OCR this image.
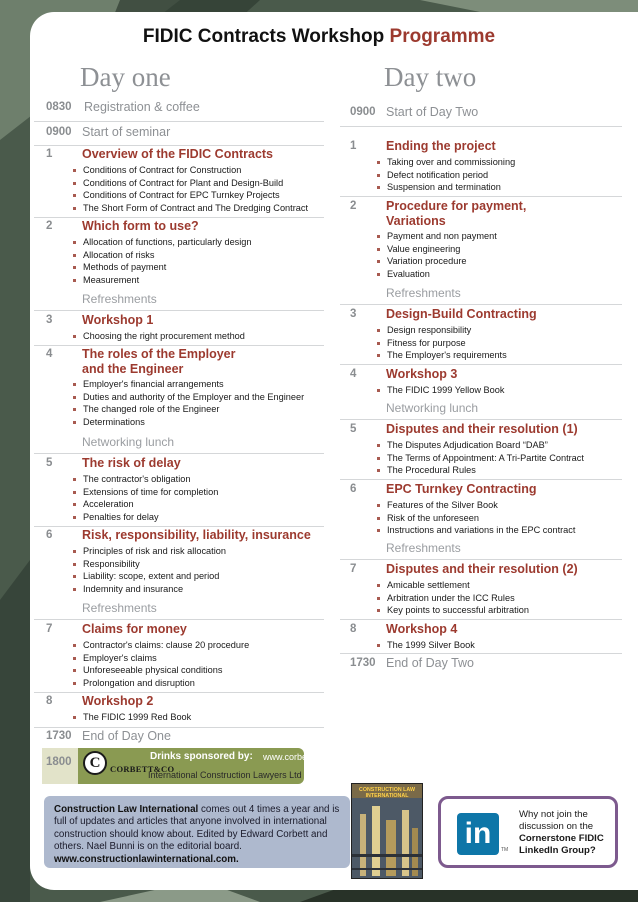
FIDIC Contracts Workshop Programme
Day one	Day two
0830 Registration & coffee
0900 Start of seminar
1 Overview of the FIDIC Contracts
Conditions of Contract for Construction
Conditions of Contract for Plant and Design-Build
Conditions of Contract for EPC Turnkey Projects
The Short Form of Contract and The Dredging Contract
2 Which form to use?
Allocation of functions, particularly design
Allocation of risks
Methods of payment
Measurement
Refreshments
3 Workshop 1
Choosing the right procurement method
4 The roles of the Employer
and the Engineer
Employer's financial arrangements
Duties and authority of the Employer and the Engineer
The changed role of the Engineer
Determinations
Networking lunch
5 The risk of delay
The contractor's obligation
Extensions of time for completion
Acceleration
Penalties for delay
6 Risk, responsibility, liability, insurance
Principles of risk and risk allocation
Responsibility
Liability: scope, extent and period
Indemnity and insurance
Refreshments
7 Claims for money
Contractor's claims: clause 20 procedure
Employer's claims
Unforeseeable physical conditions
Prolongation and disruption
8 Workshop 2
The FIDIC 1999 Red Book
1730 End of Day One
1800	C	CORBETT&CO
Drinks sponsored by: www.corbett.co.uk
International Construction Lawyers Ltd
0900 Start of Day Two
1 Ending the project
Taking over and commissioning
Defect notification period
Suspension and termination
2 Procedure for payment,
Variations
Payment and non payment
Value engineering
Variation procedure
Evaluation
Refreshments
3 Design-Build Contracting
Design responsibility
Fitness for purpose
The Employer's requirements
4 Workshop 3
The FIDIC 1999 Yellow Book
Networking lunch
5 Disputes and their resolution (1)
The Disputes Adjudication Board “DAB”
The Terms of Appointment: A Tri-Partite Contract
The Procedural Rules
6 EPC Turnkey Contracting
Features of the Silver Book
Risk of the unforeseen
Instructions and variations in the EPC contract
Refreshments
7 Disputes and their resolution (2)
Amicable settlement
Arbitration under the ICC Rules
Key points to successful arbitration
8 Workshop 4
The 1999 Silver Book
1730 End of Day Two

Construction Law International comes out 4 times a year and is full of updates and articles that anyone involved in international construction should know about. Edited by Edward Corbett and others. Nael Bunni is on the editorial board.
www.constructionlawinternational.com.

CONSTRUCTION LAW INTERNATIONAL
in	TM
Why not join the discussion on the
Cornerstone FIDIC LinkedIn Group?
